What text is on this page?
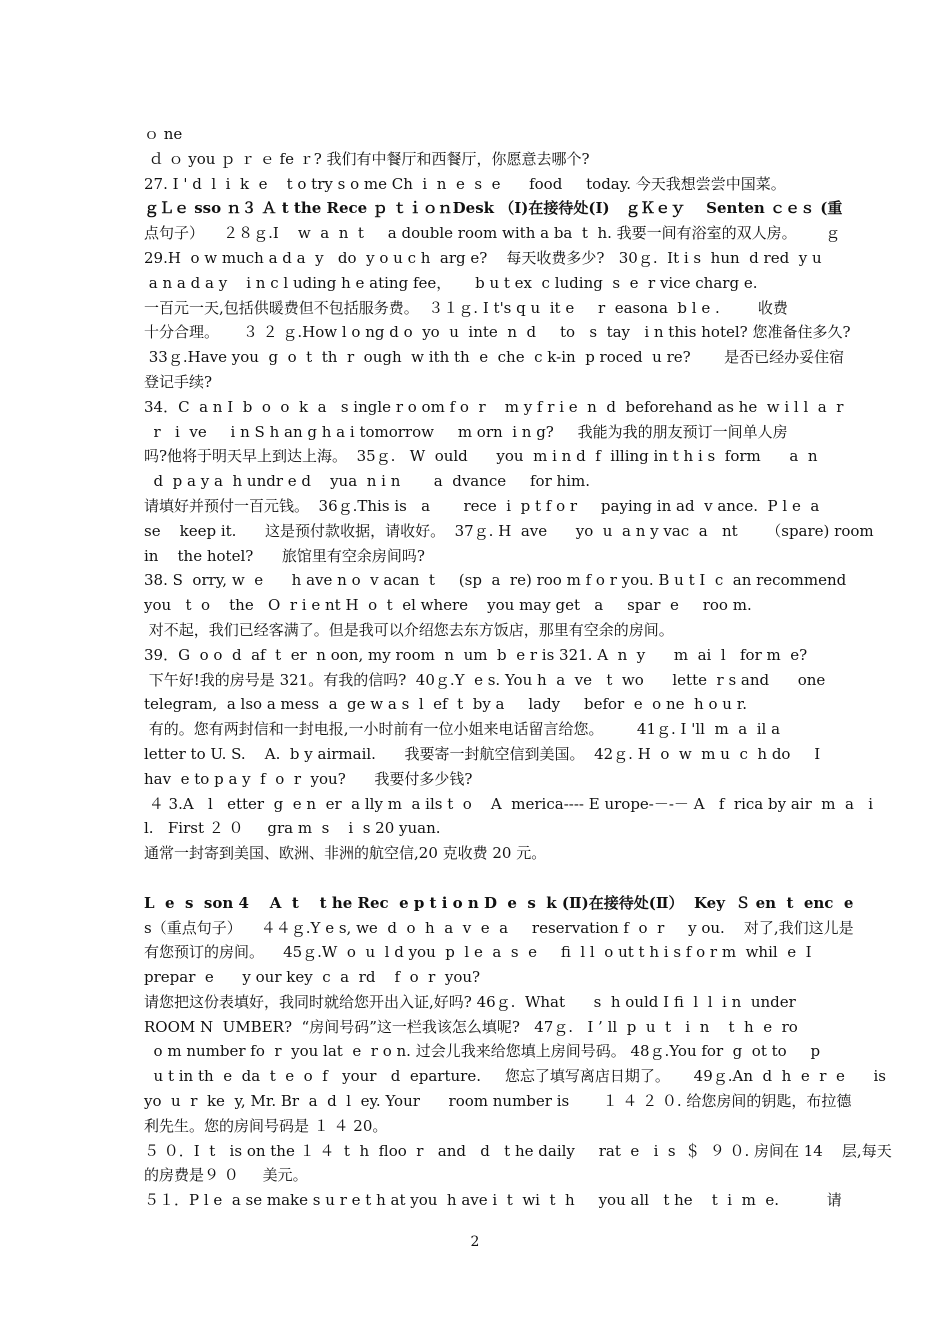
ｏ ne
ｄ ｏ you ｐ ｒ ｅ fe ｒ? 我们有中餐厅和西餐厅，你愿意去哪个?
27. I ' d  l  i  k  e    t o try s o me Ch  i  n  e  s  e      food     today. 今天我想尝尝中国菜。
ｇＬｅ sso ｎ３ Ａ t the Rece ｐ ｔｉｏｎDesk （Ⅰ)在接待处(Ⅰ)   ｇＫｅｙ    Senten ｃｅｓ (重
点句子）    ２８ｇ.I    w  a  n  t     a double room with a ba  t  h. 我要一间有浴室的双人房。      ｇ
29.H  o w much a d a  y   do  y o u c h  arg e?    每天收费多少?   30ｇ.  It i s  hun  d red  y u
a n a d a y    i n c l uding h e ating fee，     b u t ex  c luding  s  e  r vice charg e.
一百元一天,包括供暖费但不包括服务费。  ３１ｇ. I t's q u  it e     r  easona  b l e .        收费
十分合理。     ３ ２ ｇ.How l o ng d o  yo  u  inte  n  d     to   s  tay   i n this hotel? 您准备住多久?
33ｇ.Have you  g  o  t  th  r  ough  w ith th  e  che  c k-in  p roced  u re?       是否已经办妥住宿
登记手续?
34．C  a n I  b  o  o  k  a   s ingle r o om f o  r    m y f r i e  n  d  beforehand as he  w i l l  a  r
r   i  ve     i n S h an g h a i tomorrow     m orn  i n g?     我能为我的朋友预订一间单人房
吗?他将于明天早上到达上海。  35ｇ.   W  ould      you  m i n d  f  illing in t h i s  form      a  n
d  p a y a  h undr e d    yua  n i n       a  dvance     for him.
请填好并预付一百元钱。  36ｇ.This is   a       rece  i  p t f o r     paying in ad  v ance.  P l e  a
se    keep it.      这是预付款收据，请收好。  37ｇ. H  ave      yo  u  a n y vac  a   nt      （spare) room
in    the hotel?      旅馆里有空余房间吗?
38. S  orry, w  e      h ave n o  v acan  t     (sp  a  re) roo m f o r you. B u t I  c  an recommend
you   t  o    the   O  r i e nt H  o  t  el where    you may get   a     spar  e     roo m.
对不起，我们已经客满了。但是我可以介绍您去东方饭店，那里有空余的房间。
39．G  o o  d  af  t  er  n oon, my room  n  um  b  e r is 321. A  n  y      m  ai  l   for m  e?
下午好!我的房号是 321。有我的信吗?  40ｇ.Y  e s. You h  a  ve   t  wo      lette  r s and      one
telegram,  a lso a mess  a  ge w a s  l  ef  t  by a     lady     befor  e  o ne  h o u r.
有的。您有两封信和一封电报,一小时前有一位小姐来电话留言给您。       41ｇ. I 'll  m  a  il a
letter to U. S.    A.  b y airmail.      我要寄一封航空信到美国。  42ｇ. H  o  w  m u  c  h do     I
hav  e to p a y  f  o  r  you?      我要付多少钱?
４ 3.A   l   etter  g  e n  er  a lly m  a ils t  o    A  merica---- E urope-－-－ A   f  rica by air  m  a   i
l.   First ２ ０     gra m  s    i  s 20 yuan.
通常一封寄到美国、欧洲、非洲的航空信,20 克收费 20 元。
L  e  s  son 4    A  t    t he Rec  e p t i o n D  e  s  k (Ⅱ)在接待处(Ⅱ）  Key  Ｓ en  t  enc  e
s（重点句子）    ４４ｇ.Y e s, we  d  o  h  a  v  e  a     reservation f  o  r     y ou.    对了,我们这儿是
有您预订的房间。    45ｇ.W  o  u  l d you  p  l e  a  s  e     fi  l l  o ut t h i s f o r m  whil  e  I
prepar  e      y our key  c  a  rd    f  o  r  you?
请您把这份表填好，我同时就给您开出入证,好吗? 46ｇ.  What      s  h ould I fi  l  l  i n  under
ROOM N  UMBER?  “房间号码”这一栏我该怎么填呢?   47ｇ.   I ’ ll  p  u  t   i  n    t  h  e  ro
o m number fo  r  you lat  e  r o n. 过会儿我来给您填上房间号码。 48ｇ.You for  g  ot to     p
u t in th  e  da  t  e  o  f   your   d  eparture.     您忘了填写离店日期了。     49ｇ.An  d  h  e  r  e      is
yo  u  r  ke  y, Mr. Br  a  d  l  ey. Your      room number is       １ ４ ２ ０. 给您房间的钥匙，布拉德
利先生。您的房间号码是 １ ４ 20。
５ ０．I  t   is on the １ ４  t  h  floo  r   and   d   t he daily     rat  e   i  s  ＄  ９ ０. 房间在 14    层,每天
的房费是９ ０     美元。
５１．P l e  a se make s u r e t h at you  h ave i  t  wi  t  h     you all   t he    t  i  m  e.          请
2
